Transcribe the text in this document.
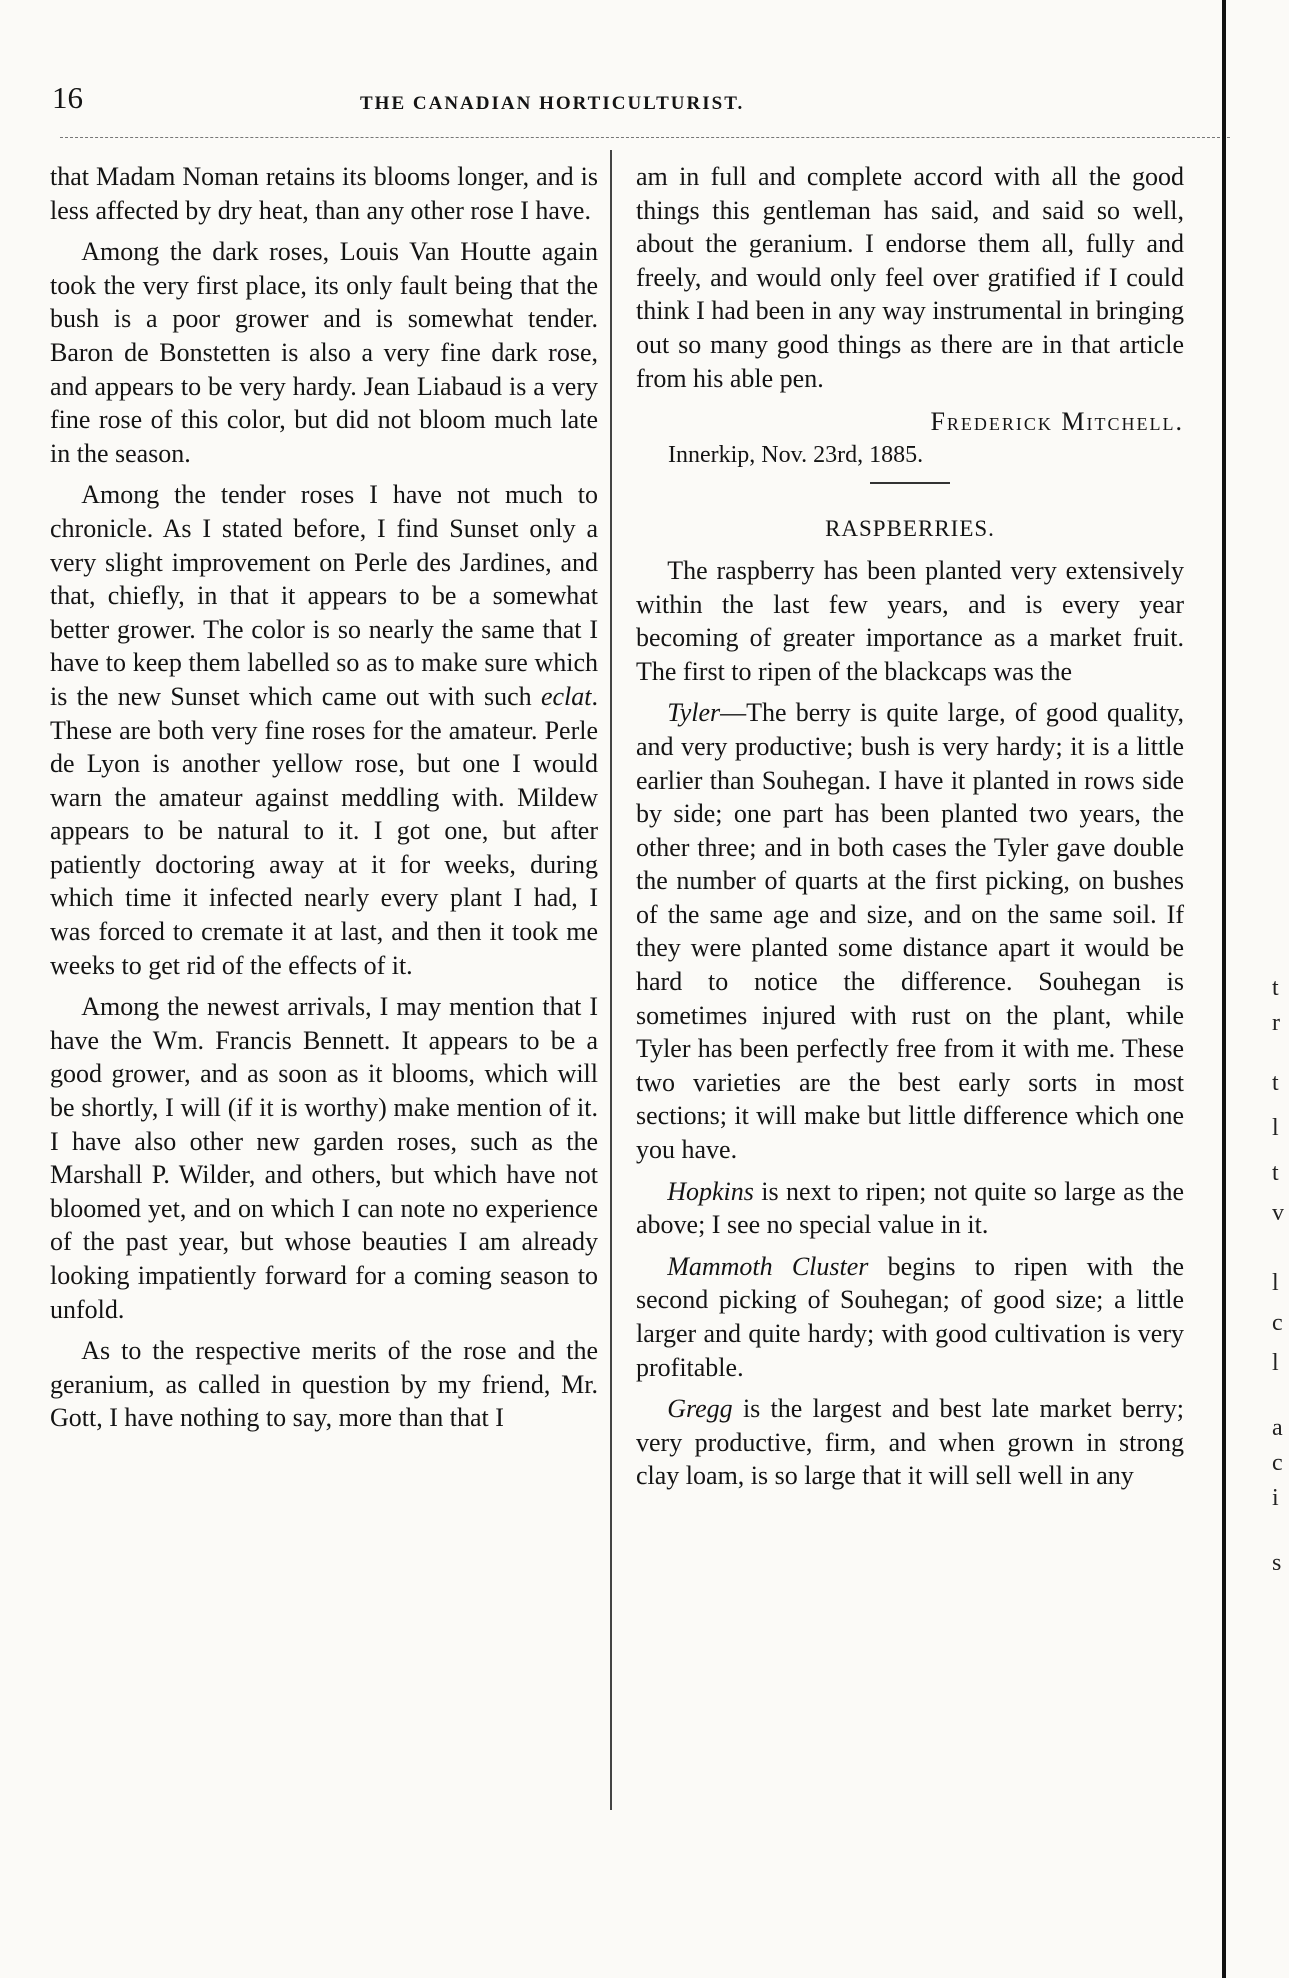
16	THE CANADIAN HORTICULTURIST.

that Madam Noman retains its blooms longer, and is less affected by dry heat, than any other rose I have.

Among the dark roses, Louis Van Houtte again took the very first place, its only fault being that the bush is a poor grower and is somewhat tender. Baron de Bonstetten is also a very fine dark rose, and appears to be very hardy. Jean Liabaud is a very fine rose of this color, but did not bloom much late in the season.

Among the tender roses I have not much to chronicle. As I stated before, I find Sunset only a very slight improvement on Perle des Jardines, and that, chiefly, in that it appears to be a somewhat better grower. The color is so nearly the same that I have to keep them labelled so as to make sure which is the new Sunset which came out with such eclat. These are both very fine roses for the amateur. Perle de Lyon is another yellow rose, but one I would warn the amateur against meddling with. Mildew appears to be natural to it. I got one, but after patiently doctoring away at it for weeks, during which time it infected nearly every plant I had, I was forced to cremate it at last, and then it took me weeks to get rid of the effects of it.

Among the newest arrivals, I may mention that I have the Wm. Francis Bennett. It appears to be a good grower, and as soon as it blooms, which will be shortly, I will (if it is worthy) make mention of it. I have also other new garden roses, such as the Marshall P. Wilder, and others, but which have not bloomed yet, and on which I can note no experience of the past year, but whose beauties I am already looking impatiently forward for a coming season to unfold.

As to the respective merits of the rose and the geranium, as called in question by my friend, Mr. Gott, I have nothing to say, more than that I

am in full and complete accord with all the good things this gentleman has said, and said so well, about the geranium. I endorse them all, fully and freely, and would only feel over gratified if I could think I had been in any way instrumental in bringing out so many good things as there are in that article from his able pen.

Frederick Mitchell.
Innerkip, Nov. 23rd, 1885.
RASPBERRIES.

The raspberry has been planted very extensively within the last few years, and is every year becoming of greater importance as a market fruit. The first to ripen of the blackcaps was the

Tyler—The berry is quite large, of good quality, and very productive; bush is very hardy; it is a little earlier than Souhegan. I have it planted in rows side by side; one part has been planted two years, the other three; and in both cases the Tyler gave double the number of quarts at the first picking, on bushes of the same age and size, and on the same soil. If they were planted some distance apart it would be hard to notice the difference. Souhegan is sometimes injured with rust on the plant, while Tyler has been perfectly free from it with me. These two varieties are the best early sorts in most sections; it will make but little difference which one you have.

Hopkins is next to ripen; not quite so large as the above; I see no special value in it.

Mammoth Cluster begins to ripen with the second picking of Souhegan; of good size; a little larger and quite hardy; with good cultivation is very profitable.

Gregg is the largest and best late market berry; very productive, firm, and when grown in strong clay loam, is so large that it will sell well in any

t
r
t
l
t
v
l
c
l
a
c
i
s
